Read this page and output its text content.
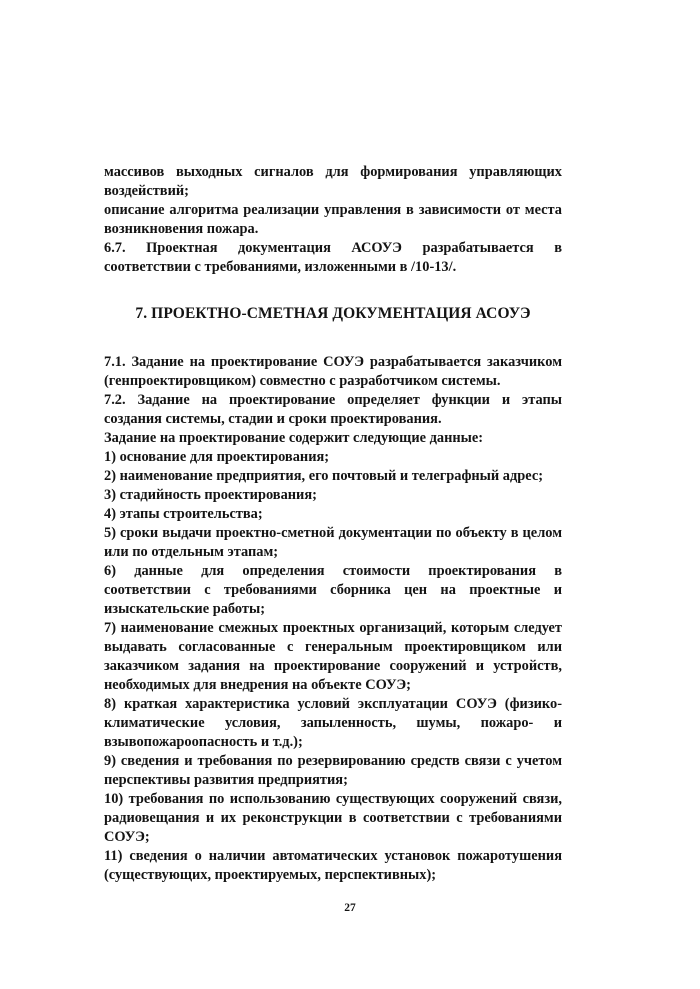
массивов выходных сигналов для формирования управляющих воздействий;

описание алгоритма реализации управления в зависимости от места возникновения пожара.

6.7. Проектная документация АСОУЭ разрабатывается в соответствии с требованиями, изложенными в /10-13/.

7. ПРОЕКТНО-СМЕТНАЯ ДОКУМЕНТАЦИЯ АСОУЭ

7.1. Задание на проектирование СОУЭ разрабатывается заказчиком (генпроектировщиком) совместно с разработчиком системы.

7.2. Задание на проектирование определяет функции и этапы создания системы, стадии и сроки проектирования.

Задание на проектирование содержит следующие данные:

1) основание для проектирования;

2) наименование предприятия, его почтовый и телеграфный адрес;

3) стадийность проектирования;

4) этапы строительства;

5) сроки выдачи проектно-сметной документации по объекту в целом или по отдельным этапам;

6) данные для определения стоимости проектирования в соответствии с требованиями сборника цен на проектные и изыскательские работы;

7) наименование смежных проектных организаций, которым следует выдавать согласованные с генеральным проектировщиком или заказчиком задания на проектирование сооружений и устройств, необходимых для внедрения на объекте СОУЭ;

8) краткая характеристика условий эксплуатации СОУЭ (физико-климатические условия, запыленность, шумы, пожаро- и взывопожароопасность и т.д.);

9) сведения и требования по резервированию средств связи с учетом перспективы развития предприятия;

10) требования по использованию существующих сооружений связи, радиовещания и их реконструкции в соответствии с требованиями СОУЭ;

11) сведения о наличии автоматических установок пожаротушения (существующих, проектируемых, перспективных);

27
